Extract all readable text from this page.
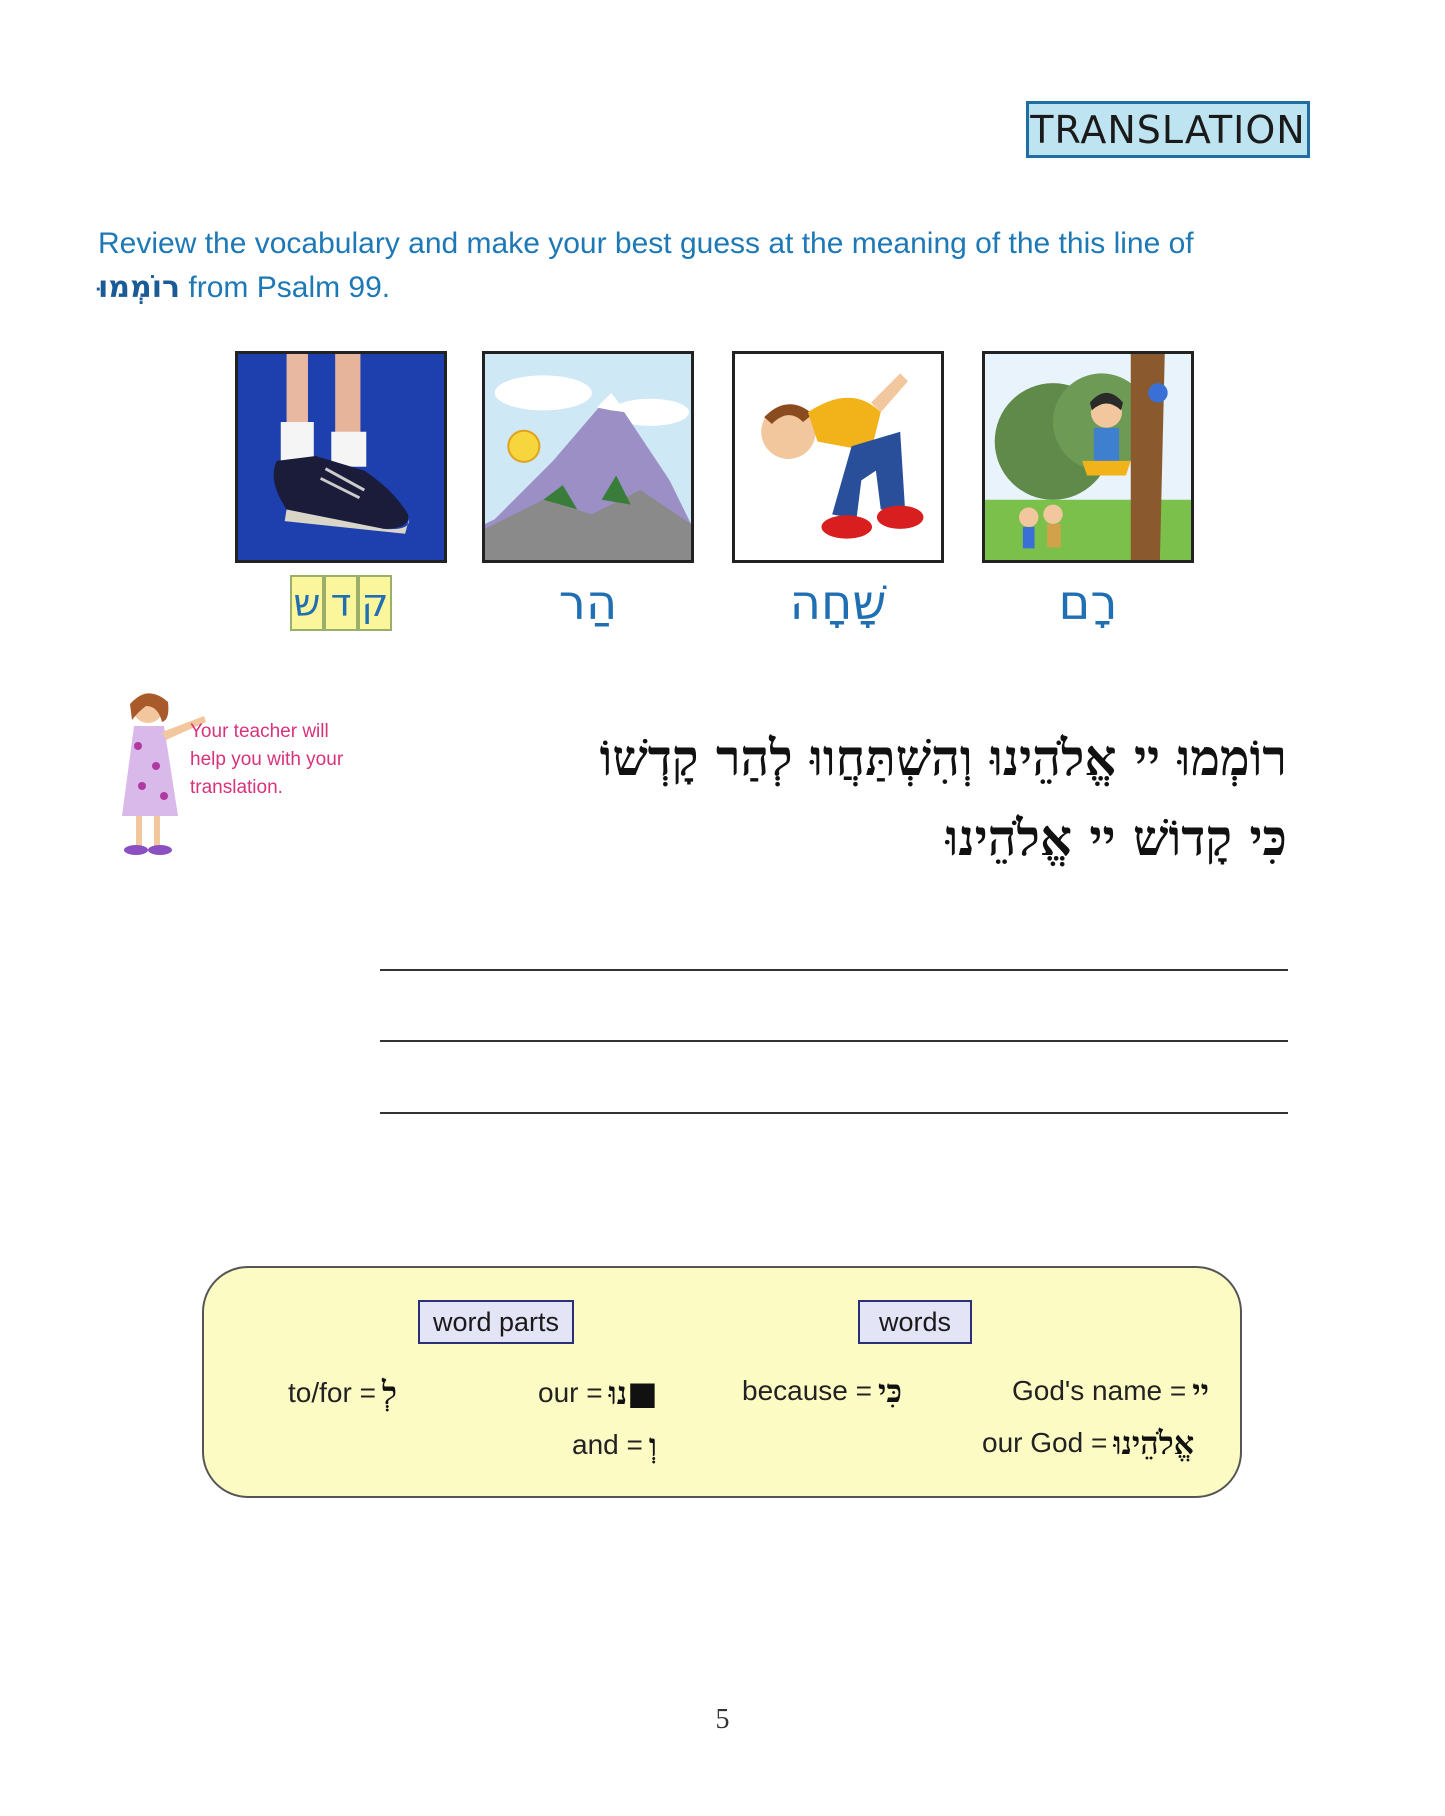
TRANSLATION
Review the vocabulary and make your best guess at the meaning of the this line of רוֹמְמוּ from Psalm 99.
ק
ד
ש	הַר	שָׁחָה	רָם
Your teacher will help you with your translation.
רוֹמְמוּ יי אֱלֹהֵינוּ וְהִשְׁתַּחֲווּ לְהַר קָדְשׁוֹ
כִּי קָדוֹשׁ יי אֱלֹהֵינוּ
word parts	words
to/for = לְ	our = ■נוּ
and = וְ
because = כִּי	God's name = יי
our God = אֱלֹהֵינוּ
5
